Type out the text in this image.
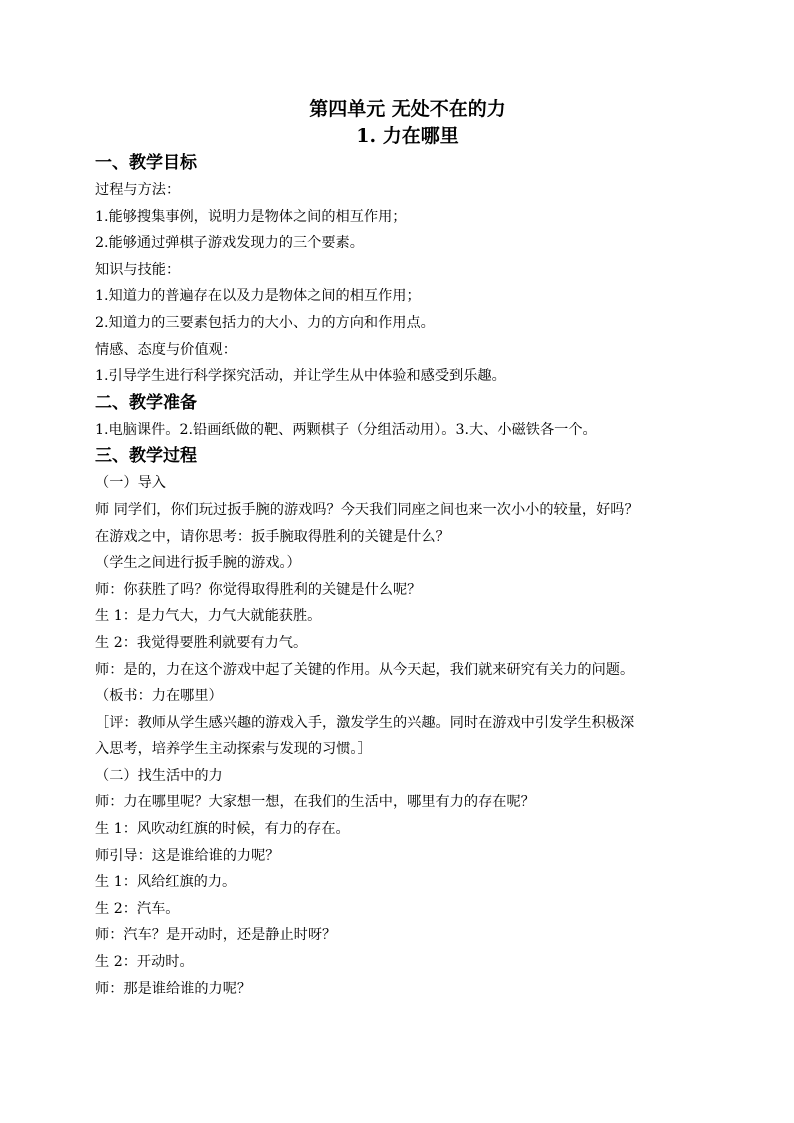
第四单元 无处不在的力
1. 力在哪里
一、教学目标
过程与方法：
1.能够搜集事例，说明力是物体之间的相互作用；
2.能够通过弹棋子游戏发现力的三个要素。
知识与技能：
1.知道力的普遍存在以及力是物体之间的相互作用；
2.知道力的三要素包括力的大小、力的方向和作用点。
情感、态度与价值观：
1.引导学生进行科学探究活动，并让学生从中体验和感受到乐趣。
二、教学准备
1.电脑课件。2.铅画纸做的靶、两颗棋子（分组活动用）。3.大、小磁铁各一个。
三、教学过程
（一）导入
师 同学们，你们玩过扳手腕的游戏吗？今天我们同座之间也来一次小小的较量，好吗？
在游戏之中，请你思考：扳手腕取得胜利的关键是什么？
（学生之间进行扳手腕的游戏。）
师：你获胜了吗？你觉得取得胜利的关键是什么呢？
生 1：是力气大，力气大就能获胜。
生 2：我觉得要胜利就要有力气。
师：是的，力在这个游戏中起了关键的作用。从今天起，我们就来研究有关力的问题。
（板书：力在哪里）
［评：教师从学生感兴趣的游戏入手，激发学生的兴趣。同时在游戏中引发学生积极深
入思考，培养学生主动探索与发现的习惯。］
（二）找生活中的力
师：力在哪里呢？大家想一想，在我们的生活中，哪里有力的存在呢？
生 1：风吹动红旗的时候，有力的存在。
师引导：这是谁给谁的力呢？
生 1：风给红旗的力。
生 2：汽车。
师：汽车？是开动时，还是静止时呀？
生 2：开动时。
师：那是谁给谁的力呢？
